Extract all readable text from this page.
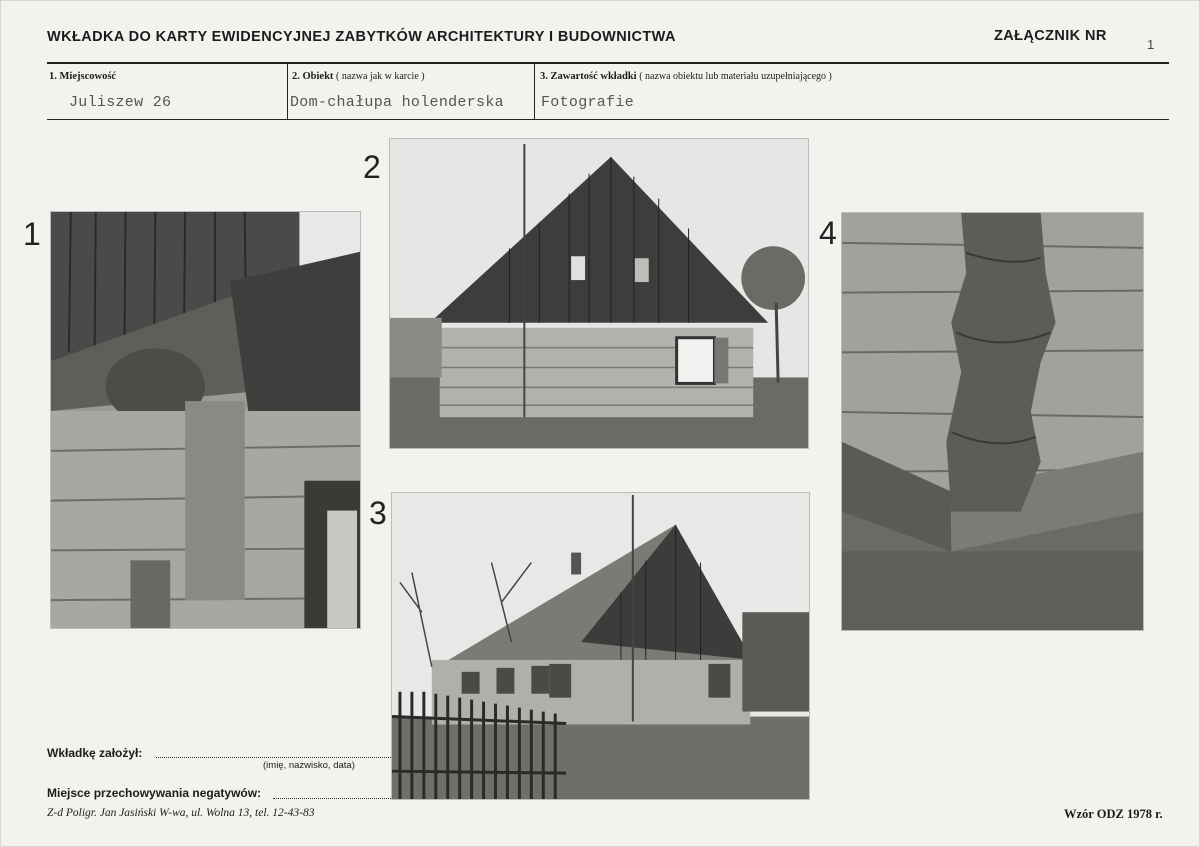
WKŁADKA DO KARTY EWIDENCYJNEJ ZABYTKÓW ARCHITEKTURY I BUDOWNICTWA	ZAŁĄCZNIK NR
1
1. Miejscowość
Juliszew 26
2. Obiekt ( nazwa jak w karcie )
Dom-chałupa holenderska
3. Zawartość wkładki ( nazwa obiektu lub materiału uzupełniającego )
Fotografie
1
2
3
4
Wkładkę założył:
(imię, nazwisko, data)
Miejsce przechowywania negatywów:
Z-d Poligr. Jan Jasiński W-wa, ul. Wolna 13, tel. 12-43-83	Wzór ODZ 1978 r.
